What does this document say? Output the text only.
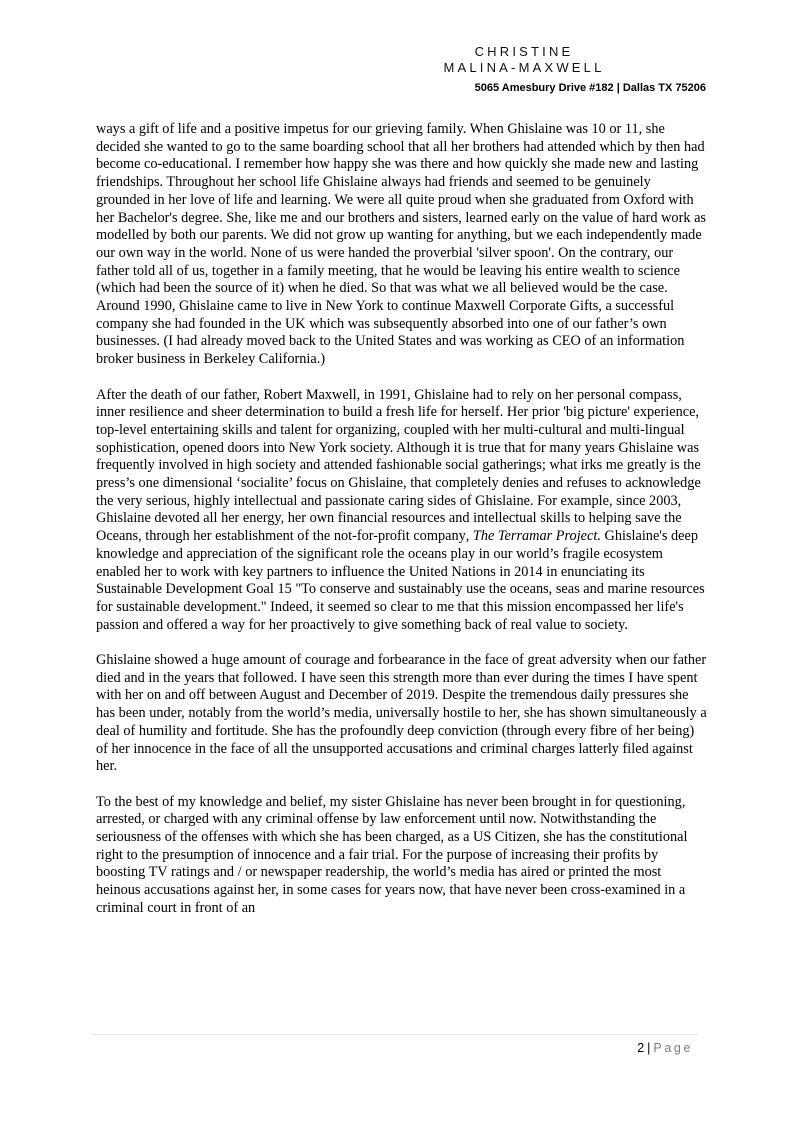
CHRISTINE
MALINA-MAXWELL
5065 Amesbury Drive #182 | Dallas TX 75206

ways a gift of life and a positive impetus for our grieving family. When Ghislaine was 10 or 11, she decided she wanted to go to the same boarding school that all her brothers had attended which by then had become co-educational. I remember how happy she was there and how quickly she made new and lasting friendships. Throughout her school life Ghislaine always had friends and seemed to be genuinely grounded in her love of life and learning. We were all quite proud when she graduated from Oxford with her Bachelor's degree. She, like me and our brothers and sisters, learned early on the value of hard work as modelled by both our parents. We did not grow up wanting for anything, but we each independently made our own way in the world. None of us were handed the proverbial 'silver spoon'. On the contrary, our father told all of us, together in a family meeting, that he would be leaving his entire wealth to science (which had been the source of it) when he died. So that was what we all believed would be the case. Around 1990, Ghislaine came to live in New York to continue Maxwell Corporate Gifts, a successful company she had founded in the UK which was subsequently absorbed into one of our father’s own businesses. (I had already moved back to the United States and was working as CEO of an information broker business in Berkeley California.)

After the death of our father, Robert Maxwell, in 1991, Ghislaine had to rely on her personal compass, inner resilience and sheer determination to build a fresh life for herself. Her prior 'big picture' experience, top-level entertaining skills and talent for organizing, coupled with her multi-cultural and multi-lingual sophistication, opened doors into New York society. Although it is true that for many years Ghislaine was frequently involved in high society and attended fashionable social gatherings; what irks me greatly is the press’s one dimensional ‘socialite’ focus on Ghislaine, that completely denies and refuses to acknowledge the very serious, highly intellectual and passionate caring sides of Ghislaine. For example, since 2003, Ghislaine devoted all her energy, her own financial resources and intellectual skills to helping save the Oceans, through her establishment of the not-for-profit company, The Terramar Project. Ghislaine's deep knowledge and appreciation of the significant role the oceans play in our world’s fragile ecosystem enabled her to work with key partners to influence the United Nations in 2014 in enunciating its Sustainable Development Goal 15 "To conserve and sustainably use the oceans, seas and marine resources for sustainable development." Indeed, it seemed so clear to me that this mission encompassed her life's passion and offered a way for her proactively to give something back of real value to society.

Ghislaine showed a huge amount of courage and forbearance in the face of great adversity when our father died and in the years that followed. I have seen this strength more than ever during the times I have spent with her on and off between August and December of 2019. Despite the tremendous daily pressures she has been under, notably from the world’s media, universally hostile to her, she has shown simultaneously a deal of humility and fortitude. She has the profoundly deep conviction (through every fibre of her being) of her innocence in the face of all the unsupported accusations and criminal charges latterly filed against her.

To the best of my knowledge and belief, my sister Ghislaine has never been brought in for questioning, arrested, or charged with any criminal offense by law enforcement until now. Notwithstanding the seriousness of the offenses with which she has been charged, as a US Citizen, she has the constitutional right to the presumption of innocence and a fair trial. For the purpose of increasing their profits by boosting TV ratings and / or newspaper readership, the world’s media has aired or printed the most heinous accusations against her, in some cases for years now, that have never been cross-examined in a criminal court in front of an

2 | Page
